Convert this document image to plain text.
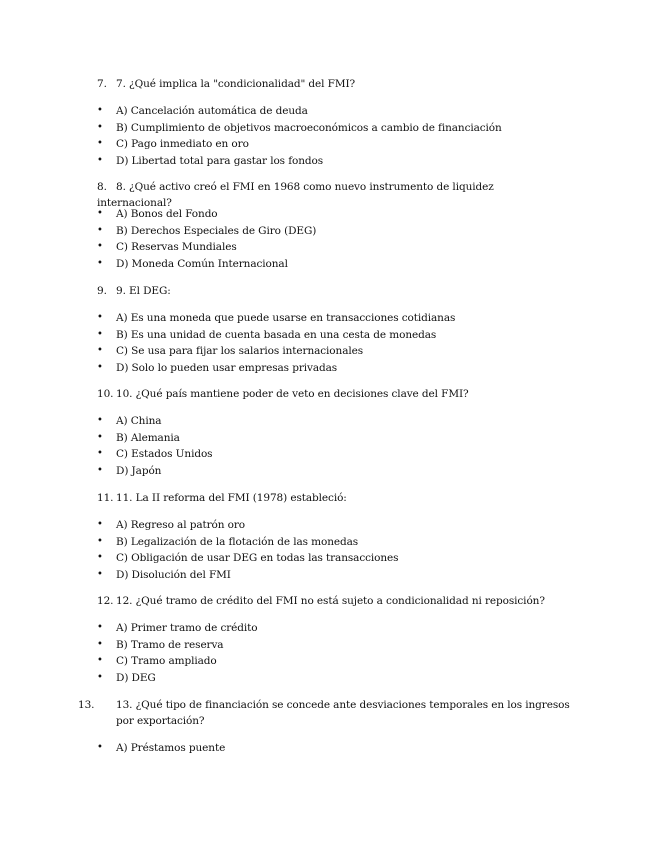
7. 7. ¿Qué implica la "condicionalidad" del FMI?
• A) Cancelación automática de deuda
• B) Cumplimiento de objetivos macroeconómicos a cambio de financiación
• C) Pago inmediato en oro
• D) Libertad total para gastar los fondos
8. 8. ¿Qué activo creó el FMI en 1968 como nuevo instrumento de liquidez internacional?
• A) Bonos del Fondo
• B) Derechos Especiales de Giro (DEG)
• C) Reservas Mundiales
• D) Moneda Común Internacional
9. 9. El DEG:
• A) Es una moneda que puede usarse en transacciones cotidianas
• B) Es una unidad de cuenta basada en una cesta de monedas
• C) Se usa para fijar los salarios internacionales
• D) Solo lo pueden usar empresas privadas
10. 10. ¿Qué país mantiene poder de veto en decisiones clave del FMI?
• A) China
• B) Alemania
• C) Estados Unidos
• D) Japón
11. 11. La II reforma del FMI (1978) estableció:
• A) Regreso al patrón oro
• B) Legalización de la flotación de las monedas
• C) Obligación de usar DEG en todas las transacciones
• D) Disolución del FMI
12. 12. ¿Qué tramo de crédito del FMI no está sujeto a condicionalidad ni reposición?
• A) Primer tramo de crédito
• B) Tramo de reserva
• C) Tramo ampliado
• D) DEG
13. 13. ¿Qué tipo de financiación se concede ante desviaciones temporales en los ingresos por exportación?
• A) Préstamos puente
